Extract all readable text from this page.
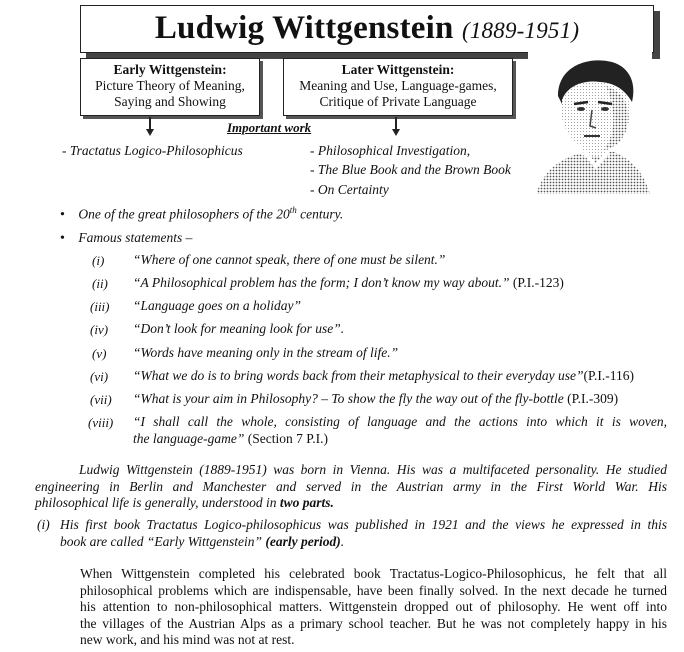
Ludwig Wittgenstein (1889-1951)
Early Wittgenstein:
Picture Theory of Meaning,
Saying and Showing
Later Wittgenstein:
Meaning and Use, Language-games,
Critique of Private Language
Important work
- Tractatus Logico-Philosophicus	- Philosophical Investigation,
- The Blue Book and the Brown Book
- On Certainty
• One of the great philosophers of the 20th century.
• Famous statements –
(i) “Where of one cannot speak, there of one must be silent.”
(ii) “A Philosophical problem has the form; I don’t know my way about.” (P.I.-123)
(iii) “Language goes on a holiday”
(iv) “Don’t look for meaning look for use”.
(v) “Words have meaning only in the stream of life.”
(vi) “What we do is to bring words back from their metaphysical to their everyday use”(P.I.-116)
(vii) “What is your aim in Philosophy? – To show the fly the way out of the fly-bottle (P.I.-309)
(viii) “I shall call the whole, consisting of language and the actions into which it is woven,
the language-game” (Section 7 P.I.)
Ludwig Wittgenstein (1889-1951) was born in Vienna. His was a multifaceted personality. He studied
engineering in Berlin and Manchester and served in the Austrian army in the First World War. His
philosophical life is generally, understood in two parts.
(i) His first book Tractatus Logico-philosophicus was published in 1921 and the views he expressed in this
book are called “Early Wittgenstein” (early period).
When Wittgenstein completed his celebrated book Tractatus-Logico-Philosophicus, he felt that all
philosophical problems which are indispensable, have been finally solved. In the next decade he turned
his attention to non-philosophical matters. Wittgenstein dropped out of philosophy. He went off into
the villages of the Austrian Alps as a primary school teacher. But he was not completely happy in his
new work, and his mind was not at rest.
